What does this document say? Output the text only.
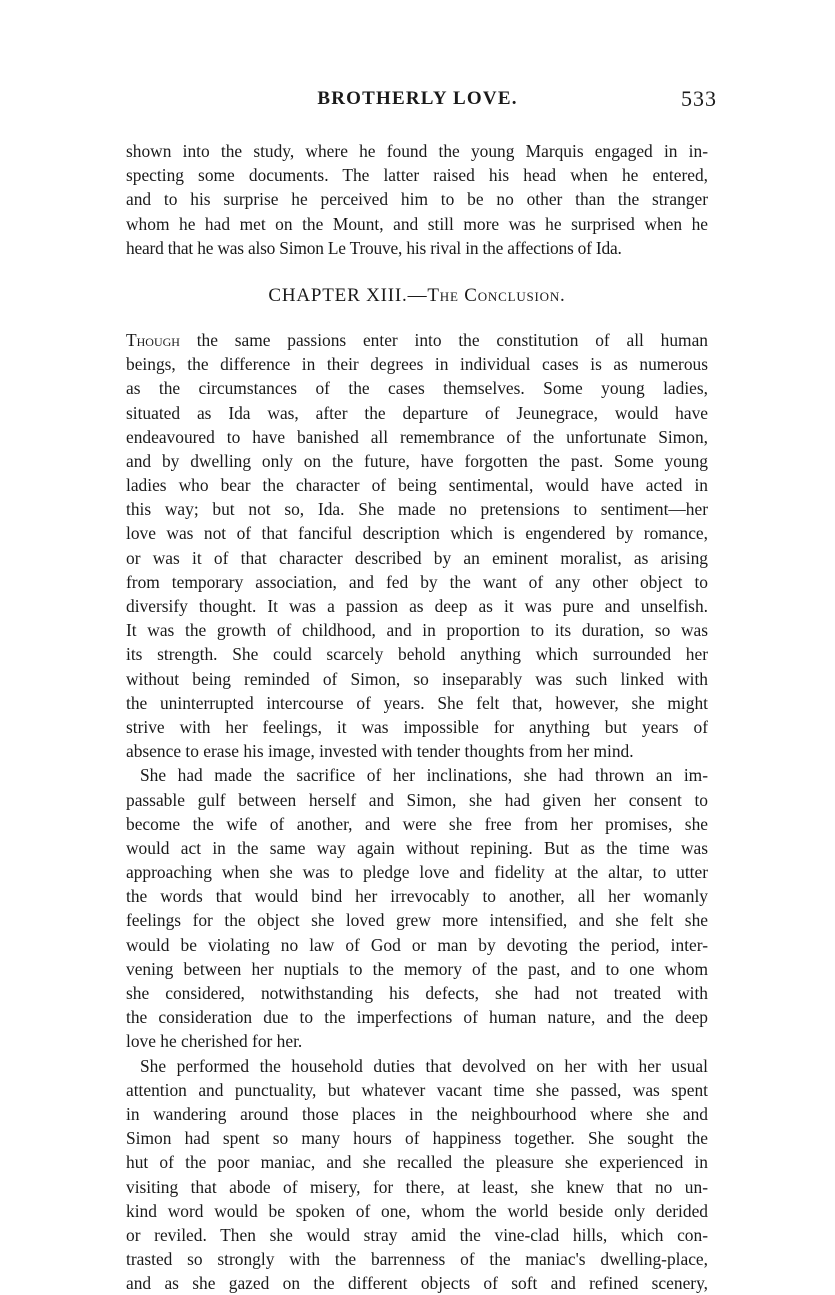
BROTHERLY LOVE.	533
shown into the study, where he found the young Marquis engaged in in-
specting some documents. The latter raised his head when he entered,
and to his surprise he perceived him to be no other than the stranger
whom he had met on the Mount, and still more was he surprised when he
heard that he was also Simon Le Trouve, his rival in the affections of Ida.
CHAPTER XIII.—The Conclusion.
Though the same passions enter into the constitution of all human
beings, the difference in their degrees in individual cases is as numerous
as the circumstances of the cases themselves. Some young ladies,
situated as Ida was, after the departure of Jeunegrace, would have
endeavoured to have banished all remembrance of the unfortunate Simon,
and by dwelling only on the future, have forgotten the past. Some young
ladies who bear the character of being sentimental, would have acted in
this way; but not so, Ida. She made no pretensions to sentiment—her
love was not of that fanciful description which is engendered by romance,
or was it of that character described by an eminent moralist, as arising
from temporary association, and fed by the want of any other object to
diversify thought. It was a passion as deep as it was pure and unselfish.
It was the growth of childhood, and in proportion to its duration, so was
its strength. She could scarcely behold anything which surrounded her
without being reminded of Simon, so inseparably was such linked with
the uninterrupted intercourse of years. She felt that, however, she might
strive with her feelings, it was impossible for anything but years of
absence to erase his image, invested with tender thoughts from her mind.
She had made the sacrifice of her inclinations, she had thrown an im-
passable gulf between herself and Simon, she had given her consent to
become the wife of another, and were she free from her promises, she
would act in the same way again without repining. But as the time was
approaching when she was to pledge love and fidelity at the altar, to utter
the words that would bind her irrevocably to another, all her womanly
feelings for the object she loved grew more intensified, and she felt she
would be violating no law of God or man by devoting the period, inter-
vening between her nuptials to the memory of the past, and to one whom
she considered, notwithstanding his defects, she had not treated with
the consideration due to the imperfections of human nature, and the deep
love he cherished for her.
She performed the household duties that devolved on her with her usual
attention and punctuality, but whatever vacant time she passed, was spent
in wandering around those places in the neighbourhood where she and
Simon had spent so many hours of happiness together. She sought the
hut of the poor maniac, and she recalled the pleasure she experienced in
visiting that abode of misery, for there, at least, she knew that no un-
kind word would be spoken of one, whom the world beside only derided
or reviled. Then she would stray amid the vine-clad hills, which con-
trasted so strongly with the barrenness of the maniac's dwelling-place,
and as she gazed on the different objects of soft and refined scenery,
